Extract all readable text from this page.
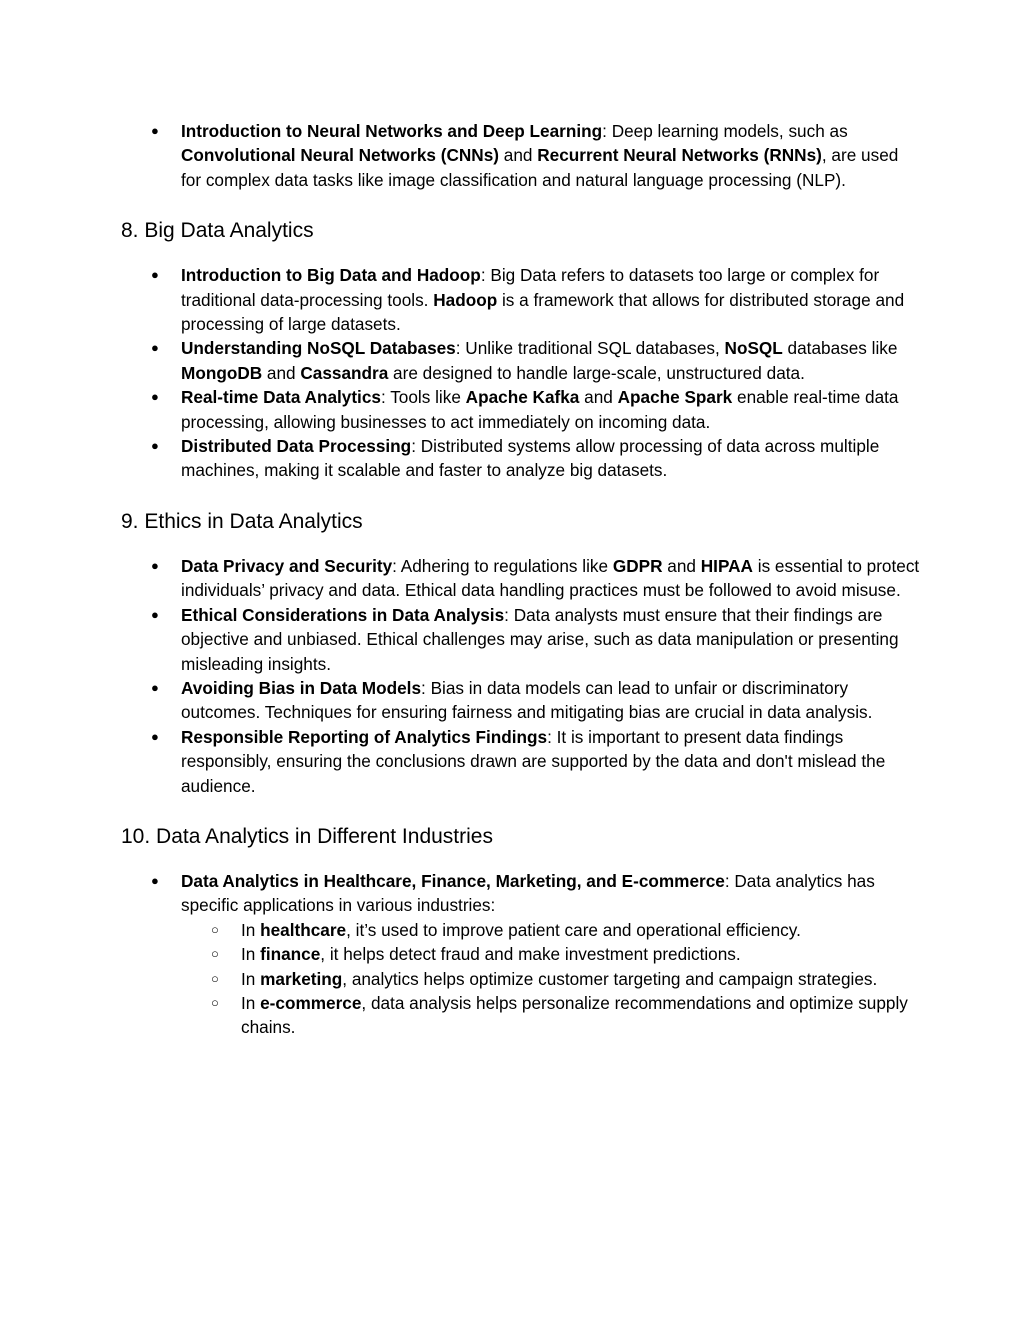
● Introduction to Neural Networks and Deep Learning: Deep learning models, such as Convolutional Neural Networks (CNNs) and Recurrent Neural Networks (RNNs), are used for complex data tasks like image classification and natural language processing (NLP).
8. Big Data Analytics
● Introduction to Big Data and Hadoop: Big Data refers to datasets too large or complex for traditional data-processing tools. Hadoop is a framework that allows for distributed storage and processing of large datasets.
● Understanding NoSQL Databases: Unlike traditional SQL databases, NoSQL databases like MongoDB and Cassandra are designed to handle large-scale, unstructured data.
● Real-time Data Analytics: Tools like Apache Kafka and Apache Spark enable real-time data processing, allowing businesses to act immediately on incoming data.
● Distributed Data Processing: Distributed systems allow processing of data across multiple machines, making it scalable and faster to analyze big datasets.
9. Ethics in Data Analytics
● Data Privacy and Security: Adhering to regulations like GDPR and HIPAA is essential to protect individuals’ privacy and data. Ethical data handling practices must be followed to avoid misuse.
● Ethical Considerations in Data Analysis: Data analysts must ensure that their findings are objective and unbiased. Ethical challenges may arise, such as data manipulation or presenting misleading insights.
● Avoiding Bias in Data Models: Bias in data models can lead to unfair or discriminatory outcomes. Techniques for ensuring fairness and mitigating bias are crucial in data analysis.
● Responsible Reporting of Analytics Findings: It is important to present data findings responsibly, ensuring the conclusions drawn are supported by the data and don't mislead the audience.
10. Data Analytics in Different Industries
● Data Analytics in Healthcare, Finance, Marketing, and E-commerce: Data analytics has specific applications in various industries:
○ In healthcare, it’s used to improve patient care and operational efficiency.
○ In finance, it helps detect fraud and make investment predictions.
○ In marketing, analytics helps optimize customer targeting and campaign strategies.
○ In e-commerce, data analysis helps personalize recommendations and optimize supply chains.
